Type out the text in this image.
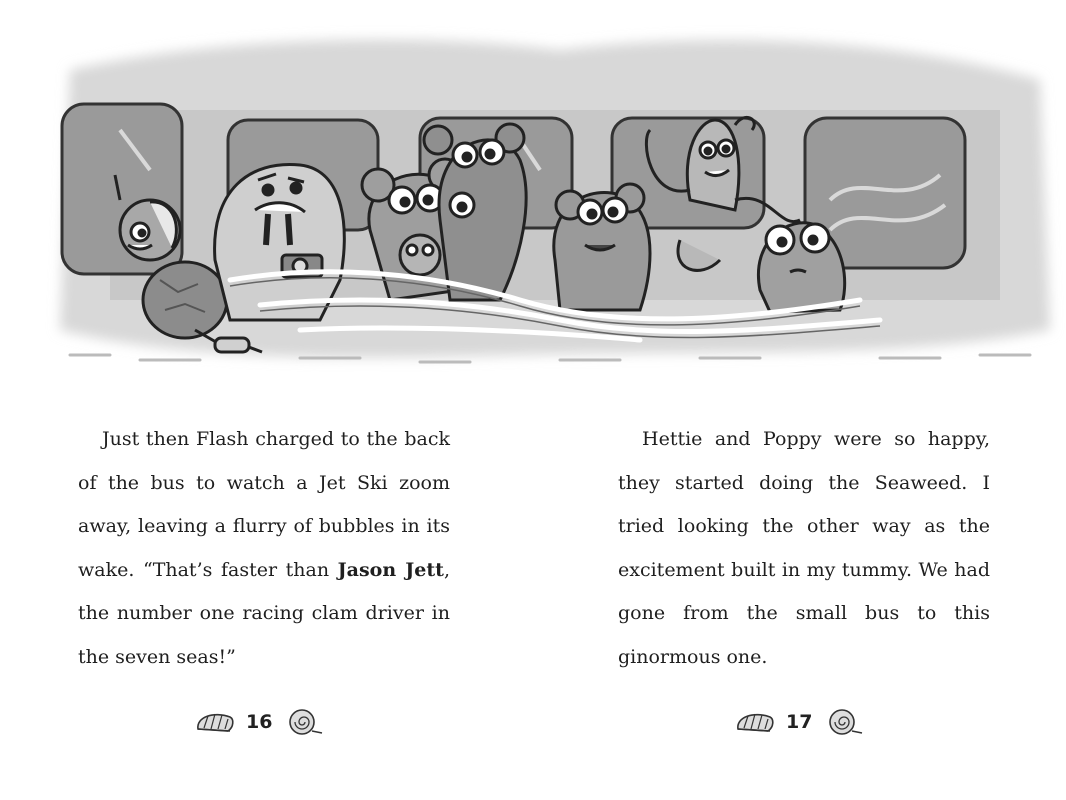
Just then Flash charged to the back of the bus to watch a Jet Ski zoom away, leaving a flurry of bubbles in its wake. “That’s faster than Jason Jett, the number one racing clam driver in the seven seas!”

Hettie and Poppy were so happy, they started doing the Seaweed. I tried looking the other way as the excitement built in my tummy. We had gone from the small bus to this ginormous one.

16	17
